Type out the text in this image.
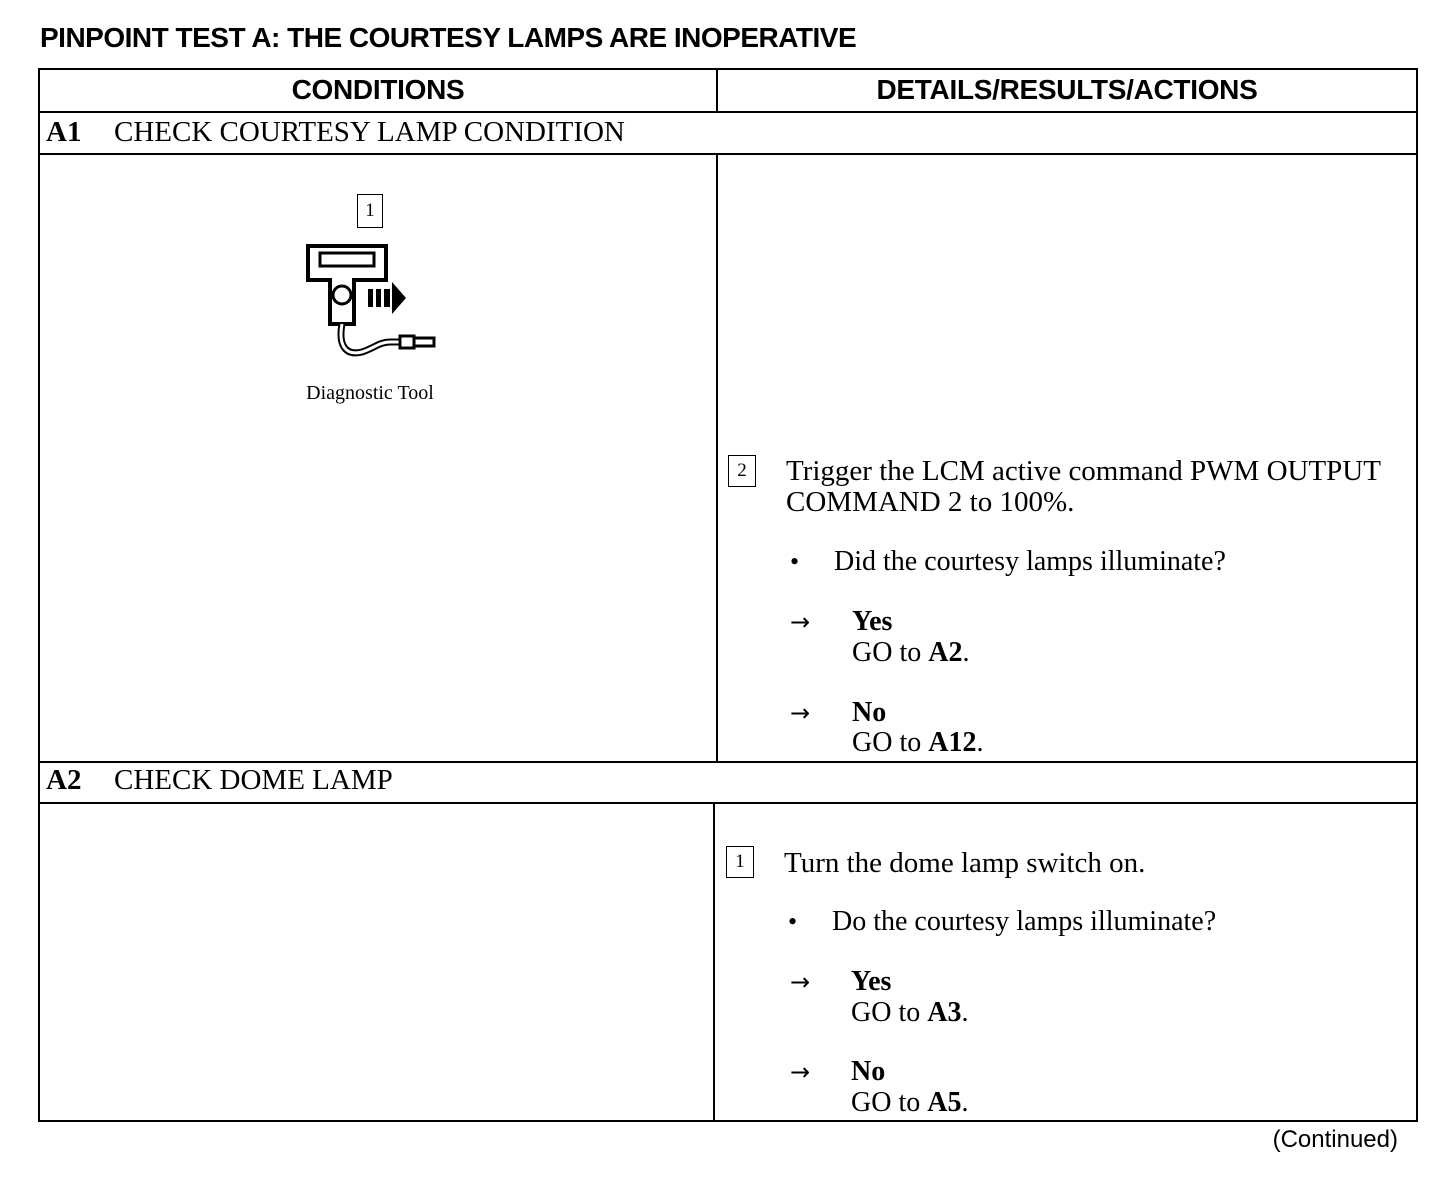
PINPOINT TEST A: THE COURTESY LAMPS ARE INOPERATIVE
CONDITIONS	DETAILS/RESULTS/ACTIONS
A1 CHECK COURTESY LAMP CONDITION
1
Diagnostic Tool
2	Trigger the LCM active command PWM OUTPUT COMMAND 2 to 100%.
• Did the courtesy lamps illuminate?
→ Yes
GO to A2.
→ No
GO to A12.
A2 CHECK DOME LAMP
1	Turn the dome lamp switch on.
• Do the courtesy lamps illuminate?
→ Yes
GO to A3.
→ No
GO to A5.
(Continued)
